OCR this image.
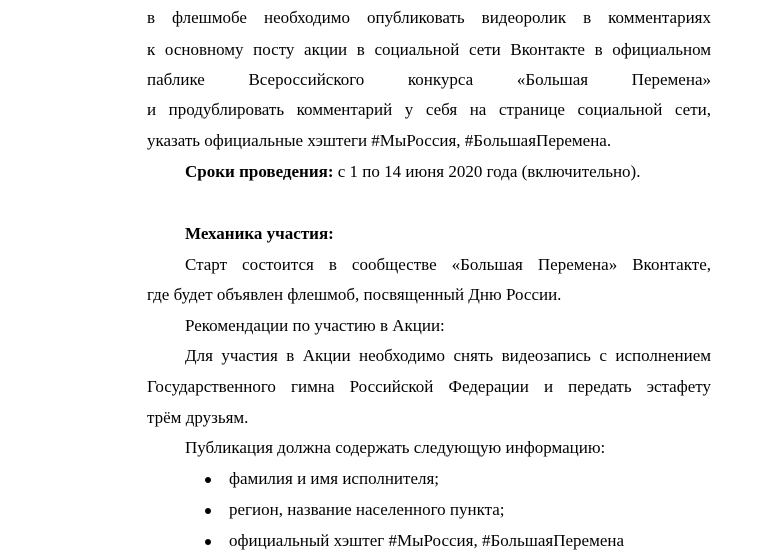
в флешмобе необходимо опубликовать видеоролик в комментариях
к основному посту акции в социальной сети Вконтакте в официальном
паблике Всероссийского конкурса «Большая Перемена»
и продублировать комментарий у себя на странице социальной сети,
указать официальные хэштеги #МыРоссия, #БольшаяПеремена.
Сроки проведения: с 1 по 14 июня 2020 года (включительно).
Механика участия:
Старт состоится в сообществе «Большая Перемена» Вконтакте,
где будет объявлен флешмоб, посвященный Дню России.
Рекомендации по участию в Акции:
Для участия в Акции необходимо снять видеозапись с исполнением
Государственного гимна Российской Федерации и передать эстафету
трём друзьям.
Публикация должна содержать следующую информацию:
фамилия и имя исполнителя;
регион, название населенного пункта;
официальный хэштег #МыРоссия, #БольшаяПеремена
